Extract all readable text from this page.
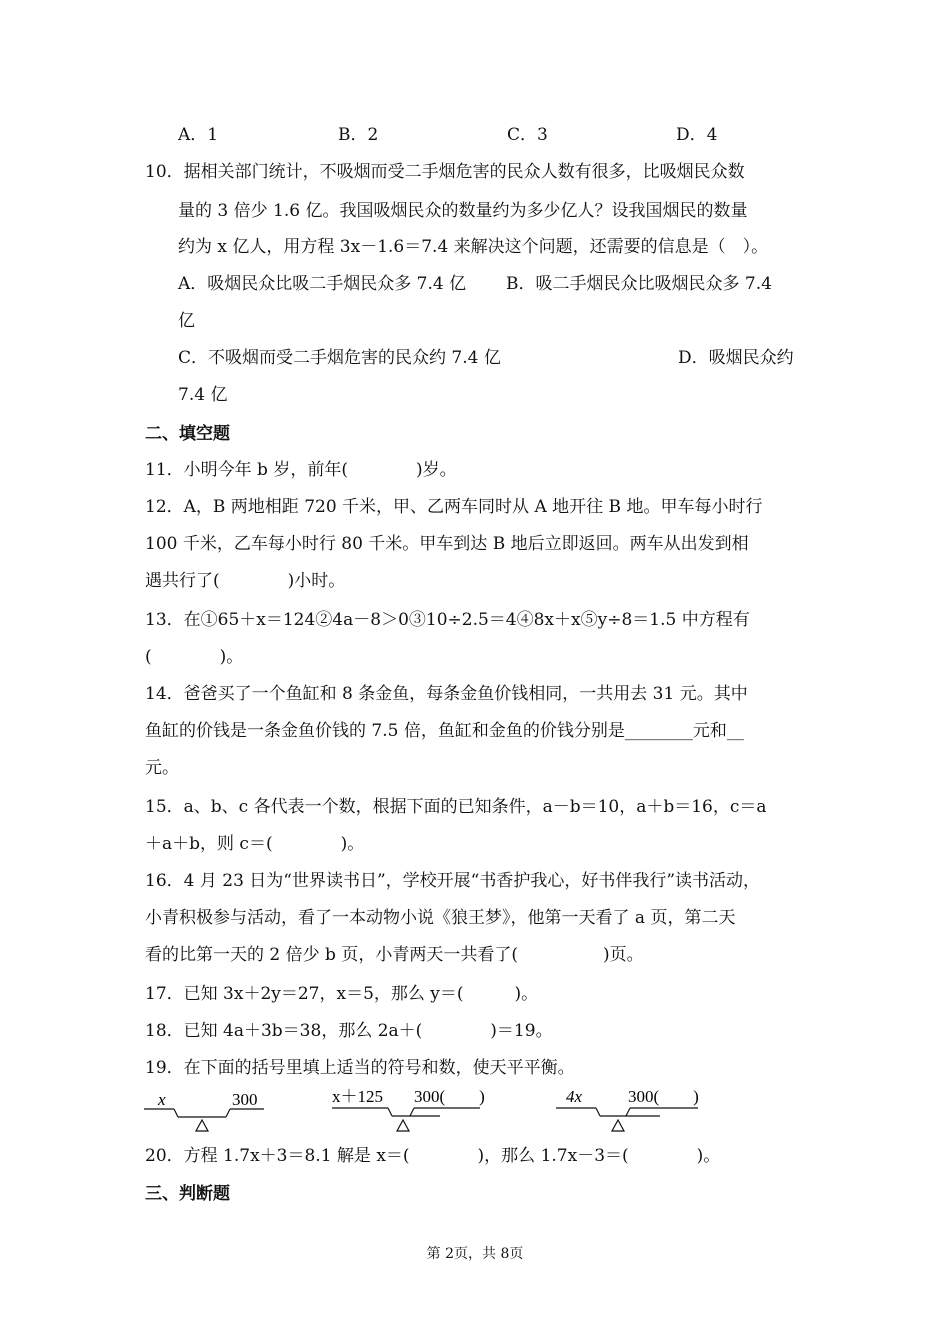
A．1	B．2	C．3	D．4
10．据相关部门统计，不吸烟而受二手烟危害的民众人数有很多，比吸烟民众数
量的 3 倍少 1.6 亿。我国吸烟民众的数量约为多少亿人？设我国烟民的数量
约为 x 亿人，用方程 3x－1.6＝7.4 来解决这个问题，还需要的信息是（　）。
A．吸烟民众比吸二手烟民众多 7.4 亿 B．吸二手烟民众比吸烟民众多 7.4
亿
C．不吸烟而受二手烟危害的民众约 7.4 亿	D．吸烟民众约
7.4 亿
二、填空题
11．小明今年 b 岁，前年(　　　　)岁。
12．A，B 两地相距 720 千米，甲、乙两车同时从 A 地开往 B 地。甲车每小时行
100 千米，乙车每小时行 80 千米。甲车到达 B 地后立即返回。两车从出发到相
遇共行了(　　　　)小时。
13．在①65＋x＝124②4a－8＞0③10÷2.5＝4④8x＋x⑤y÷8＝1.5 中方程有
(　　　　)。
14．爸爸买了一个鱼缸和 8 条金鱼，每条金鱼价钱相同，一共用去 31 元。其中
鱼缸的价钱是一条金鱼价钱的 7.5 倍，鱼缸和金鱼的价钱分别是________元和__
元。
15．a、b、c 各代表一个数，根据下面的已知条件，a－b＝10，a＋b＝16，c＝a
＋a＋b，则 c＝(　　　　)。
16．4 月 23 日为“世界读书日”，学校开展“书香护我心，好书伴我行”读书活动，
小青积极参与活动，看了一本动物小说《狼王梦》，他第一天看了 a 页，第二天
看的比第一天的 2 倍少 b 页，小青两天一共看了(　　　　　)页。
17．已知 3x＋2y＝27，x＝5，那么 y＝(　　　)。
18．已知 4a＋3b＝38，那么 2a＋(　　　　)＝19。
19．在下面的括号里填上适当的符号和数，使天平平衡。
x	300	x＋125 300(　　)	4x	300(　　)
20．方程 1.7x＋3＝8.1 解是 x＝(　　　　)，那么 1.7x－3＝(　　　　)。
三、判断题
第 2页，共 8页
